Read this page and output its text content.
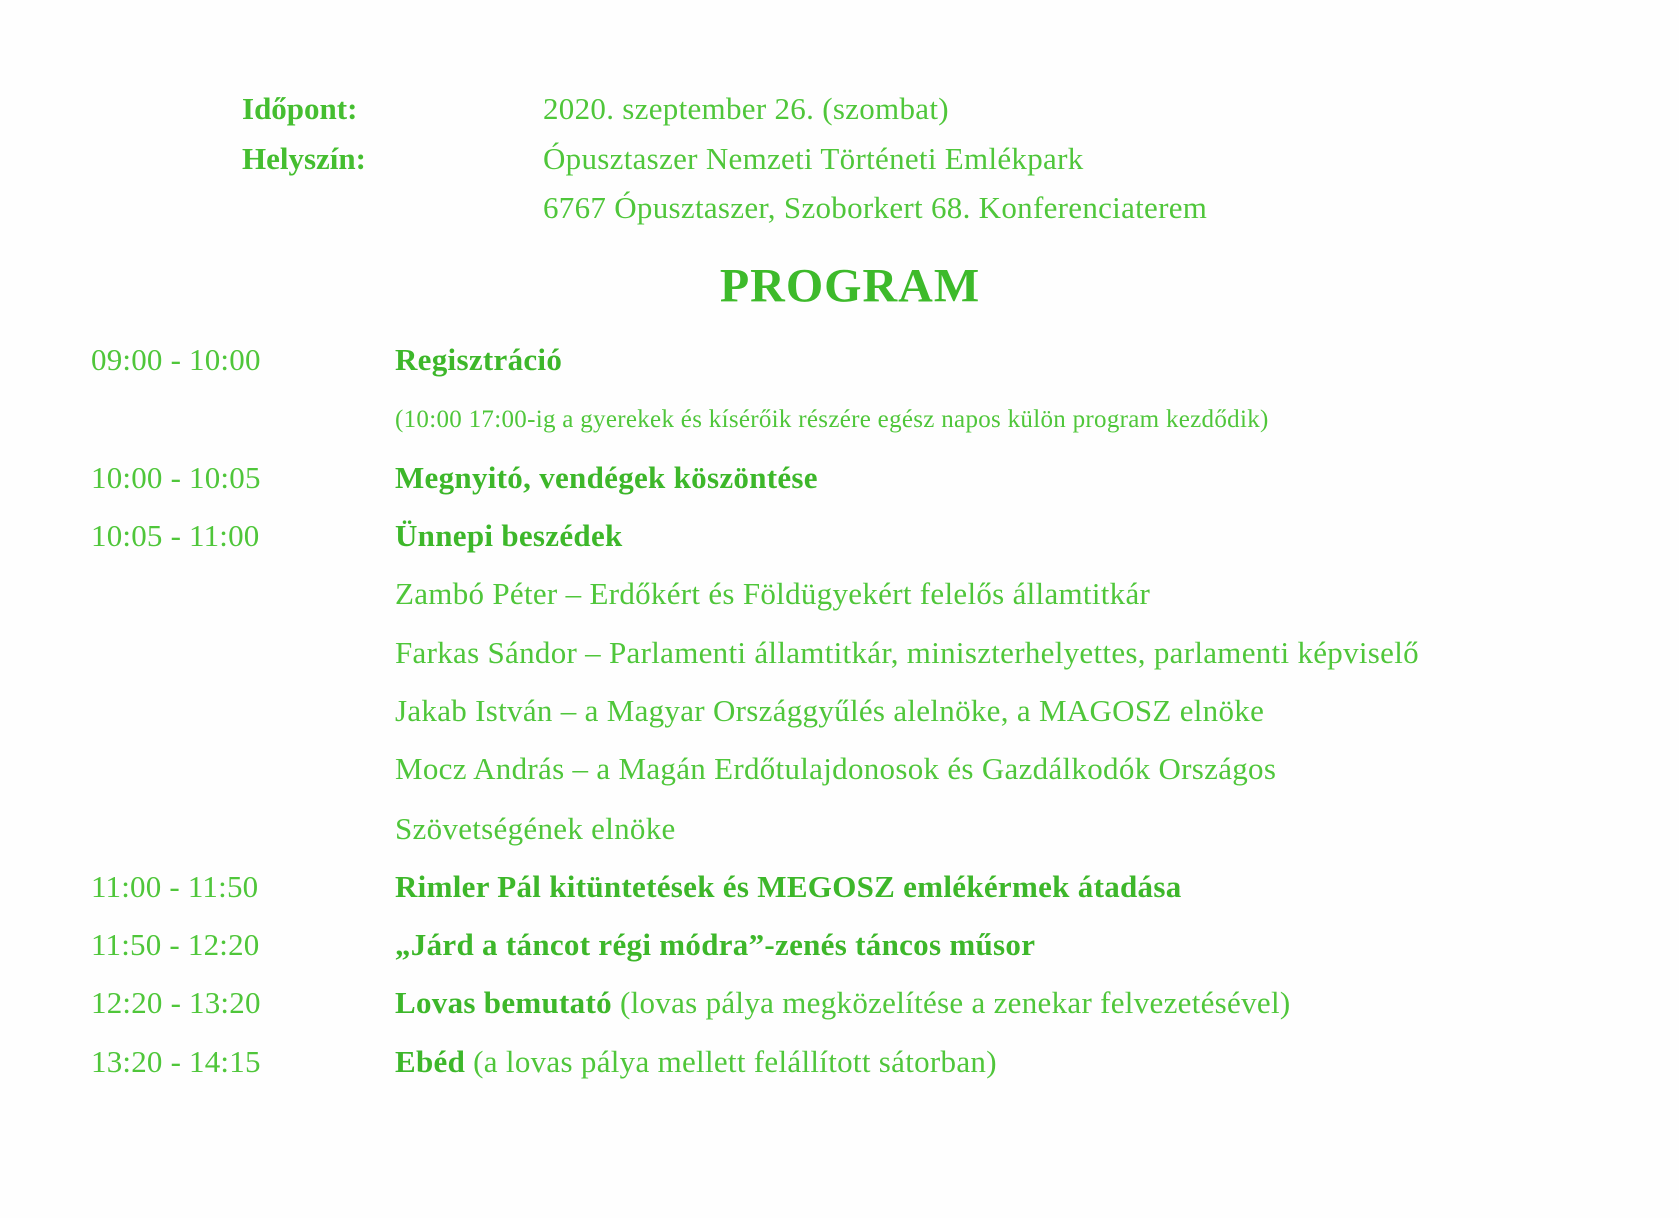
Időpont:	2020. szeptember 26. (szombat)
Helyszín:	Ópusztaszer Nemzeti Történeti Emlékpark
6767 Ópusztaszer, Szoborkert 68. Konferenciaterem
PROGRAM
09:00 - 10:00	Regisztráció
(10:00 17:00-ig a gyerekek és kísérőik részére egész napos külön program kezdődik)
10:00 - 10:05	Megnyitó, vendégek köszöntése
10:05 - 11:00	Ünnepi beszédek
Zambó Péter – Erdőkért és Földügyekért felelős államtitkár
Farkas Sándor – Parlamenti államtitkár, miniszterhelyettes, parlamenti képviselő
Jakab István – a Magyar Országgyűlés alelnöke, a MAGOSZ elnöke
Mocz András – a Magán Erdőtulajdonosok és Gazdálkodók Országos
Szövetségének elnöke
11:00 - 11:50	Rimler Pál kitüntetések és MEGOSZ emlékérmek átadása
11:50 - 12:20	„Járd a táncot régi módra”-zenés táncos műsor
12:20 - 13:20	Lovas bemutató (lovas pálya megközelítése a zenekar felvezetésével)
13:20 - 14:15	Ebéd (a lovas pálya mellett felállított sátorban)
